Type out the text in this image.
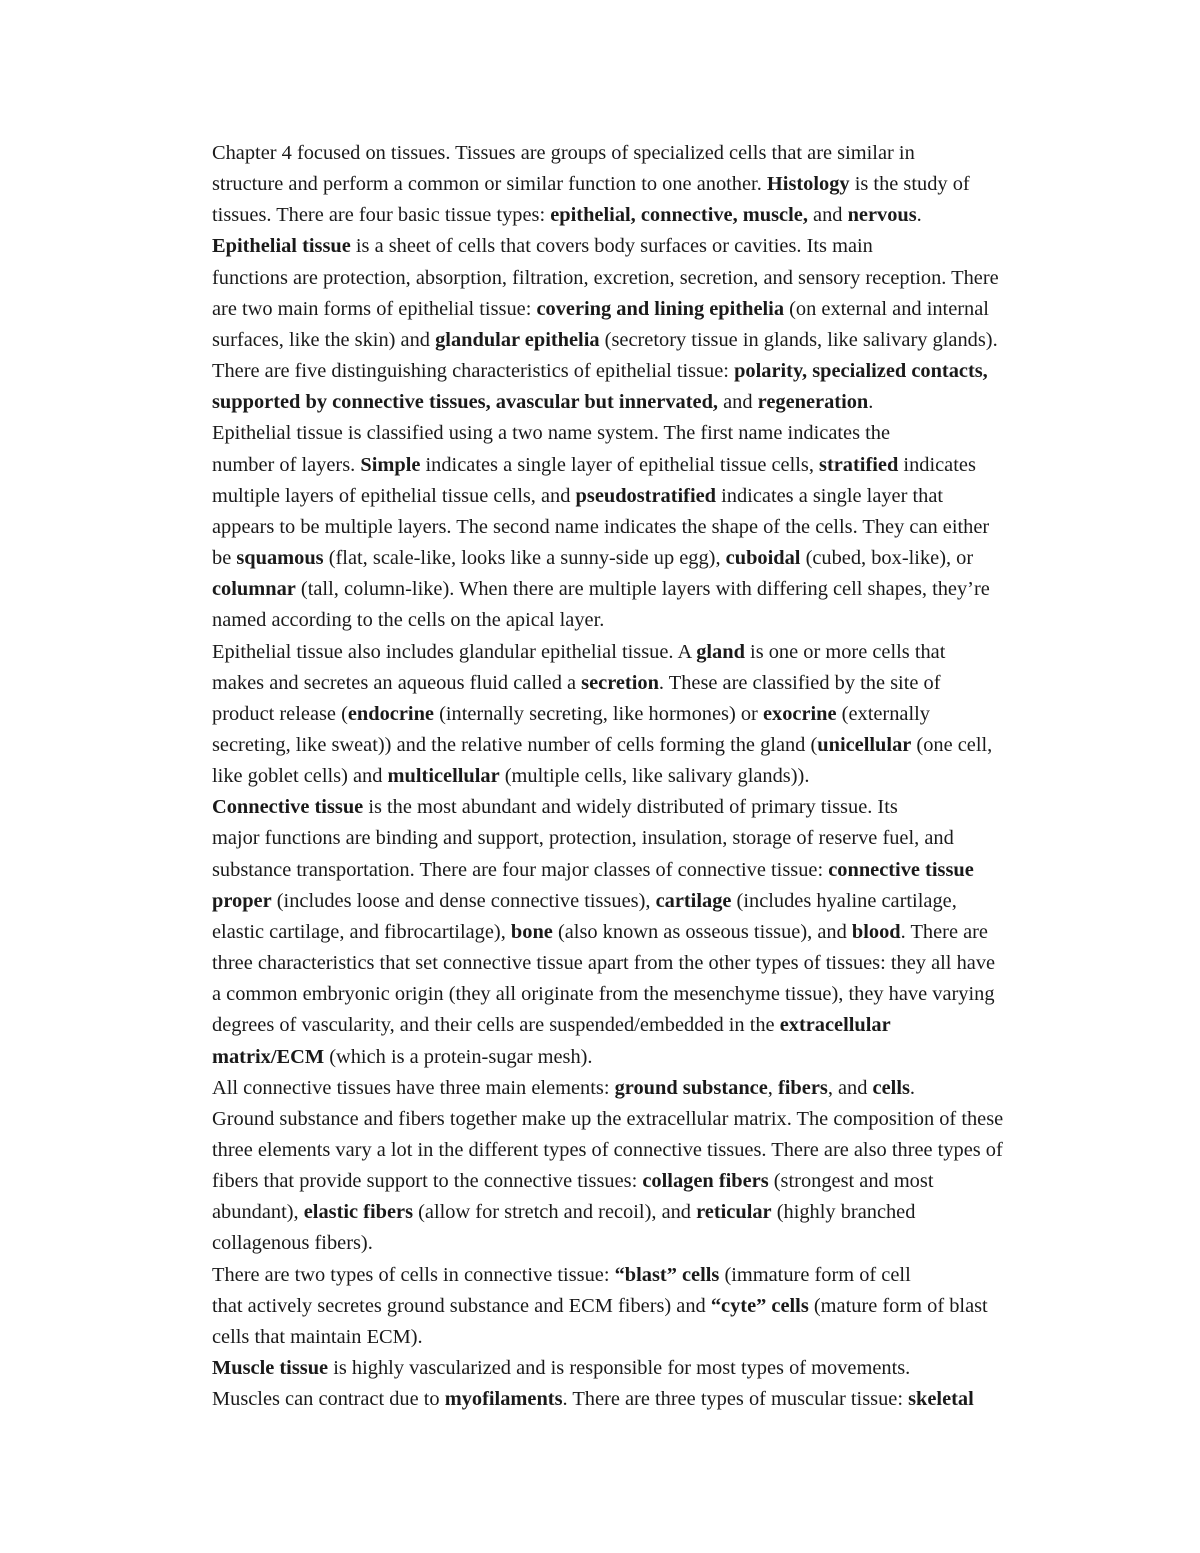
Chapter 4 focused on tissues. Tissues are groups of specialized cells that are similar in
structure and perform a common or similar function to one another. Histology is the study of
tissues. There are four basic tissue types: epithelial, connective, muscle, and nervous.

Epithelial tissue is a sheet of cells that covers body surfaces or cavities. Its main
functions are protection, absorption, filtration, excretion, secretion, and sensory reception. There
are two main forms of epithelial tissue: covering and lining epithelia (on external and internal
surfaces, like the skin) and glandular epithelia (secretory tissue in glands, like salivary glands).
There are five distinguishing characteristics of epithelial tissue: polarity, specialized contacts,
supported by connective tissues, avascular but innervated, and regeneration.

Epithelial tissue is classified using a two name system. The first name indicates the
number of layers. Simple indicates a single layer of epithelial tissue cells, stratified indicates
multiple layers of epithelial tissue cells, and pseudostratified indicates a single layer that
appears to be multiple layers. The second name indicates the shape of the cells. They can either
be squamous (flat, scale-like, looks like a sunny-side up egg), cuboidal (cubed, box-like), or
columnar (tall, column-like). When there are multiple layers with differing cell shapes, they’re
named according to the cells on the apical layer.

Epithelial tissue also includes glandular epithelial tissue. A gland is one or more cells that
makes and secretes an aqueous fluid called a secretion. These are classified by the site of
product release (endocrine (internally secreting, like hormones) or exocrine (externally
secreting, like sweat)) and the relative number of cells forming the gland (unicellular (one cell,
like goblet cells) and multicellular (multiple cells, like salivary glands)).

Connective tissue is the most abundant and widely distributed of primary tissue. Its
major functions are binding and support, protection, insulation, storage of reserve fuel, and
substance transportation. There are four major classes of connective tissue: connective tissue
proper (includes loose and dense connective tissues), cartilage (includes hyaline cartilage,
elastic cartilage, and fibrocartilage), bone (also known as osseous tissue), and blood. There are
three characteristics that set connective tissue apart from the other types of tissues: they all have
a common embryonic origin (they all originate from the mesenchyme tissue), they have varying
degrees of vascularity, and their cells are suspended/embedded in the extracellular
matrix/ECM (which is a protein-sugar mesh).

All connective tissues have three main elements: ground substance, fibers, and cells.
Ground substance and fibers together make up the extracellular matrix. The composition of these
three elements vary a lot in the different types of connective tissues. There are also three types of
fibers that provide support to the connective tissues: collagen fibers (strongest and most
abundant), elastic fibers (allow for stretch and recoil), and reticular (highly branched
collagenous fibers).

There are two types of cells in connective tissue: “blast” cells (immature form of cell
that actively secretes ground substance and ECM fibers) and “cyte” cells (mature form of blast
cells that maintain ECM).

Muscle tissue is highly vascularized and is responsible for most types of movements.
Muscles can contract due to myofilaments. There are three types of muscular tissue: skeletal
